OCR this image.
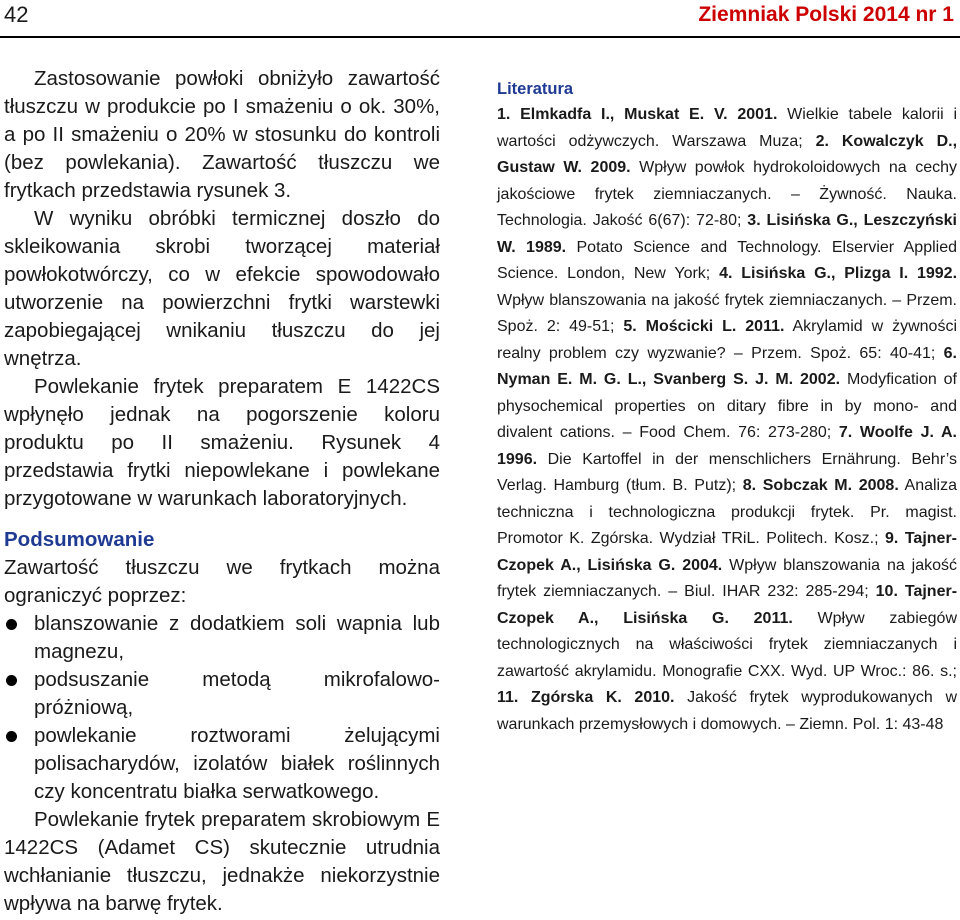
42	Ziemniak Polski 2014 nr 1

Zastosowanie powłoki obniżyło zawartość tłuszczu w produkcie po I smażeniu o ok. 30%, a po II smażeniu o 20% w stosunku do kontroli (bez powlekania). Zawartość tłuszczu we frytkach przedstawia rysunek 3.

W wyniku obróbki termicznej doszło do skleikowania skrobi tworzącej materiał powłokotwórczy, co w efekcie spowodowało utworzenie na powierzchni frytki warstewki zapobiegającej wnikaniu tłuszczu do jej wnętrza.

Powlekanie frytek preparatem E 1422CS wpłynęło jednak na pogorszenie koloru produktu po II smażeniu. Rysunek 4 przedstawia frytki niepowlekane i powlekane przygotowane w warunkach laboratoryjnych.

Podsumowanie

Zawartość tłuszczu we frytkach można ograniczyć poprzez:

blanszowanie z dodatkiem soli wapnia lub magnezu,
podsuszanie metodą mikrofalowo-próżniową,
powlekanie roztworami żelującymi polisacharydów, izolatów białek roślinnych czy koncentratu białka serwatkowego.

Powlekanie frytek preparatem skrobiowym E 1422CS (Adamet CS) skutecznie utrudnia wchłanianie tłuszczu, jednakże niekorzystnie wpływa na barwę frytek.

Literatura

1. Elmkadfa I., Muskat E. V. 2001. Wielkie tabele kalorii i wartości odżywczych. Warszawa Muza; 2. Kowalczyk D., Gustaw W. 2009. Wpływ powłok hydrokoloidowych na cechy jakościowe frytek ziemniaczanych. – Żywność. Nauka. Technologia. Jakość 6(67): 72-80; 3. Lisińska G., Leszczyński W. 1989. Potato Science and Technology. Elservier Applied Science. London, New York; 4. Lisińska G., Plizga I. 1992. Wpływ blanszowania na jakość frytek ziemniaczanych. – Przem. Spoż. 2: 49-51; 5. Mościcki L. 2011. Akrylamid w żywności realny problem czy wyzwanie? – Przem. Spoż. 65: 40-41; 6. Nyman E. M. G. L., Svanberg S. J. M. 2002. Modyfication of physochemical properties on ditary fibre in by mono- and divalent cations. – Food Chem. 76: 273-280; 7. Woolfe J. A. 1996. Die Kartoffel in der menschlichers Ernährung. Behr’s Verlag. Hamburg (tłum. B. Putz); 8. Sobczak M. 2008. Analiza techniczna i technologiczna produkcji frytek. Pr. magist. Promotor K. Zgórska. Wydział TRiL. Politech. Kosz.; 9. Tajner-Czopek A., Lisińska G. 2004. Wpływ blanszowania na jakość frytek ziemniaczanych. – Biul. IHAR 232: 285-294; 10. Tajner-Czopek A., Lisińska G. 2011. Wpływ zabiegów technologicznych na właściwości frytek ziemniaczanych i zawartość akrylamidu. Monografie CXX. Wyd. UP Wroc.: 86. s.; 11. Zgórska K. 2010. Jakość frytek wyprodukowanych w warunkach przemysłowych i domowych. – Ziemn. Pol. 1: 43-48
